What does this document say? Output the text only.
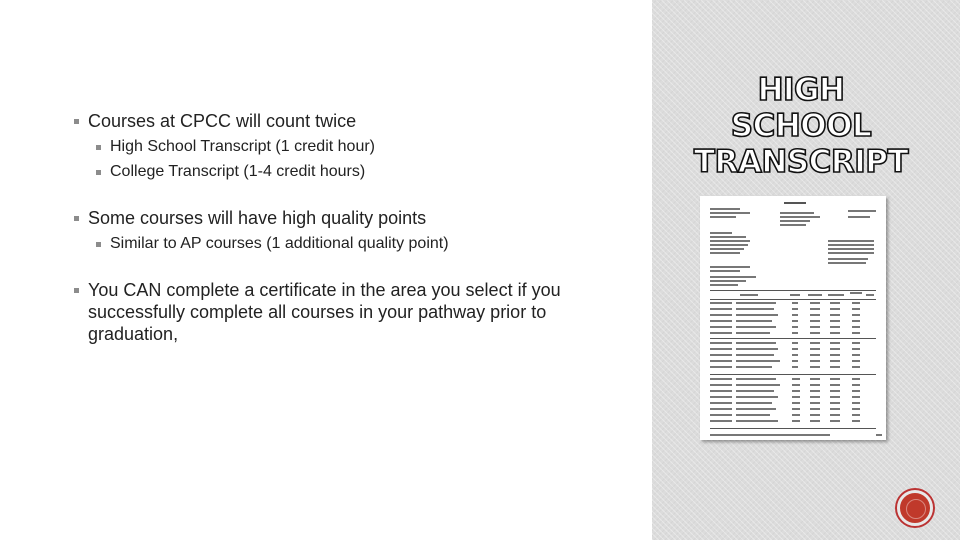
Courses at CPCC will count twice
High School Transcript (1 credit hour)
College Transcript (1-4 credit hours)
Some courses will have high quality points
Similar to AP courses (1 additional quality point)
You CAN complete a certificate in the area you select if you successfully complete all courses in your pathway prior to graduation,
HIGH SCHOOL
TRANSCRIPT
